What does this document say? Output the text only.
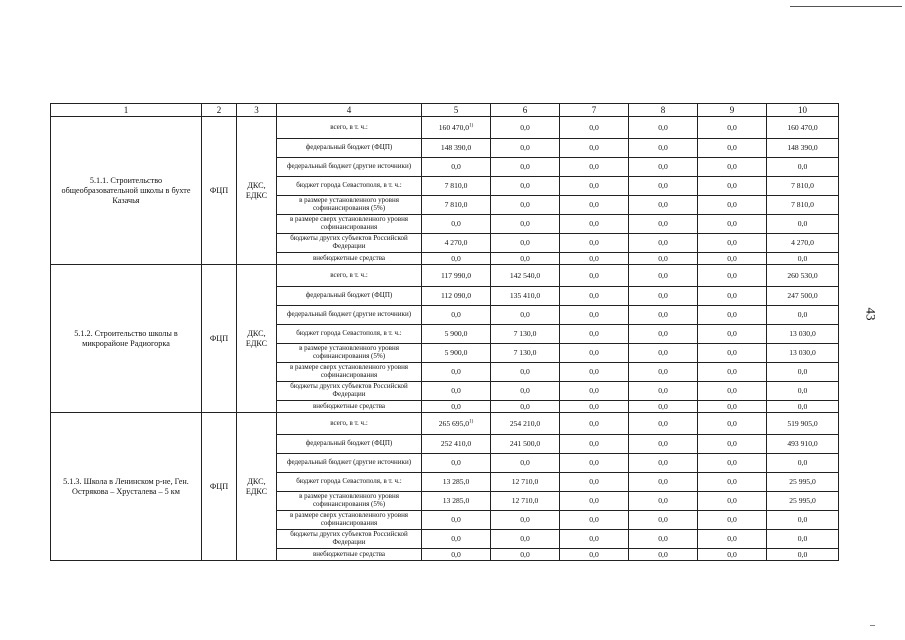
43
–
1	2	3	4	5	6	7	8	9	10
5.1.1. Строительство общеобразовательной школы в бухте Казачья	ФЦП	ДКС, ЕДКС	всего, в т. ч.:	160 470,0$^{1)}$	0,0	0,0	0,0	0,0	160 470,0
			федеральный бюджет (ФЦП)	148 390,0	0,0	0,0	0,0	0,0	148 390,0
			федеральный бюджет (другие источники)	0,0	0,0	0,0	0,0	0,0	0,0
			бюджет города Севастополя, в т. ч.:	7 810,0	0,0	0,0	0,0	0,0	7 810,0
			в размере установленного уровня софинансирования (5%)	7 810,0	0,0	0,0	0,0	0,0	7 810,0
			в размере сверх установленного уровня софинансирования	0,0	0,0	0,0	0,0	0,0	0,0
			бюджеты других субъектов Российской Федерации	4 270,0	0,0	0,0	0,0	0,0	4 270,0
			внебюджетные средства	0,0	0,0	0,0	0,0	0,0	0,0
5.1.2. Строительство школы в микрорайоне Радиогорка	ФЦП	ДКС, ЕДКС	всего, в т. ч.:	117 990,0	142 540,0	0,0	0,0	0,0	260 530,0
			федеральный бюджет (ФЦП)	112 090,0	135 410,0	0,0	0,0	0,0	247 500,0
			федеральный бюджет (другие источники)	0,0	0,0	0,0	0,0	0,0	0,0
			бюджет города Севастополя, в т. ч.:	5 900,0	7 130,0	0,0	0,0	0,0	13 030,0
			в размере установленного уровня софинансирования (5%)	5 900,0	7 130,0	0,0	0,0	0,0	13 030,0
			в размере сверх установленного уровня софинансирования	0,0	0,0	0,0	0,0	0,0	0,0
			бюджеты других субъектов Российской Федерации	0,0	0,0	0,0	0,0	0,0	0,0
			внебюджетные средства	0,0	0,0	0,0	0,0	0,0	0,0
5.1.3. Школа в Ленинском р-не, Ген. Острякова – Хрусталева – 5 км	ФЦП	ДКС, ЕДКС	всего, в т. ч.:	265 695,0$^{1)}$	254 210,0	0,0	0,0	0,0	519 905,0
			федеральный бюджет (ФЦП)	252 410,0	241 500,0	0,0	0,0	0,0	493 910,0
			федеральный бюджет (другие источники)	0,0	0,0	0,0	0,0	0,0	0,0
			бюджет города Севастополя, в т. ч.:	13 285,0	12 710,0	0,0	0,0	0,0	25 995,0
			в размере установленного уровня софинансирования (5%)	13 285,0	12 710,0	0,0	0,0	0,0	25 995,0
			в размере сверх установленного уровня софинансирования	0,0	0,0	0,0	0,0	0,0	0,0
			бюджеты других субъектов Российской Федерации	0,0	0,0	0,0	0,0	0,0	0,0
			внебюджетные средства	0,0	0,0	0,0	0,0	0,0	0,0
